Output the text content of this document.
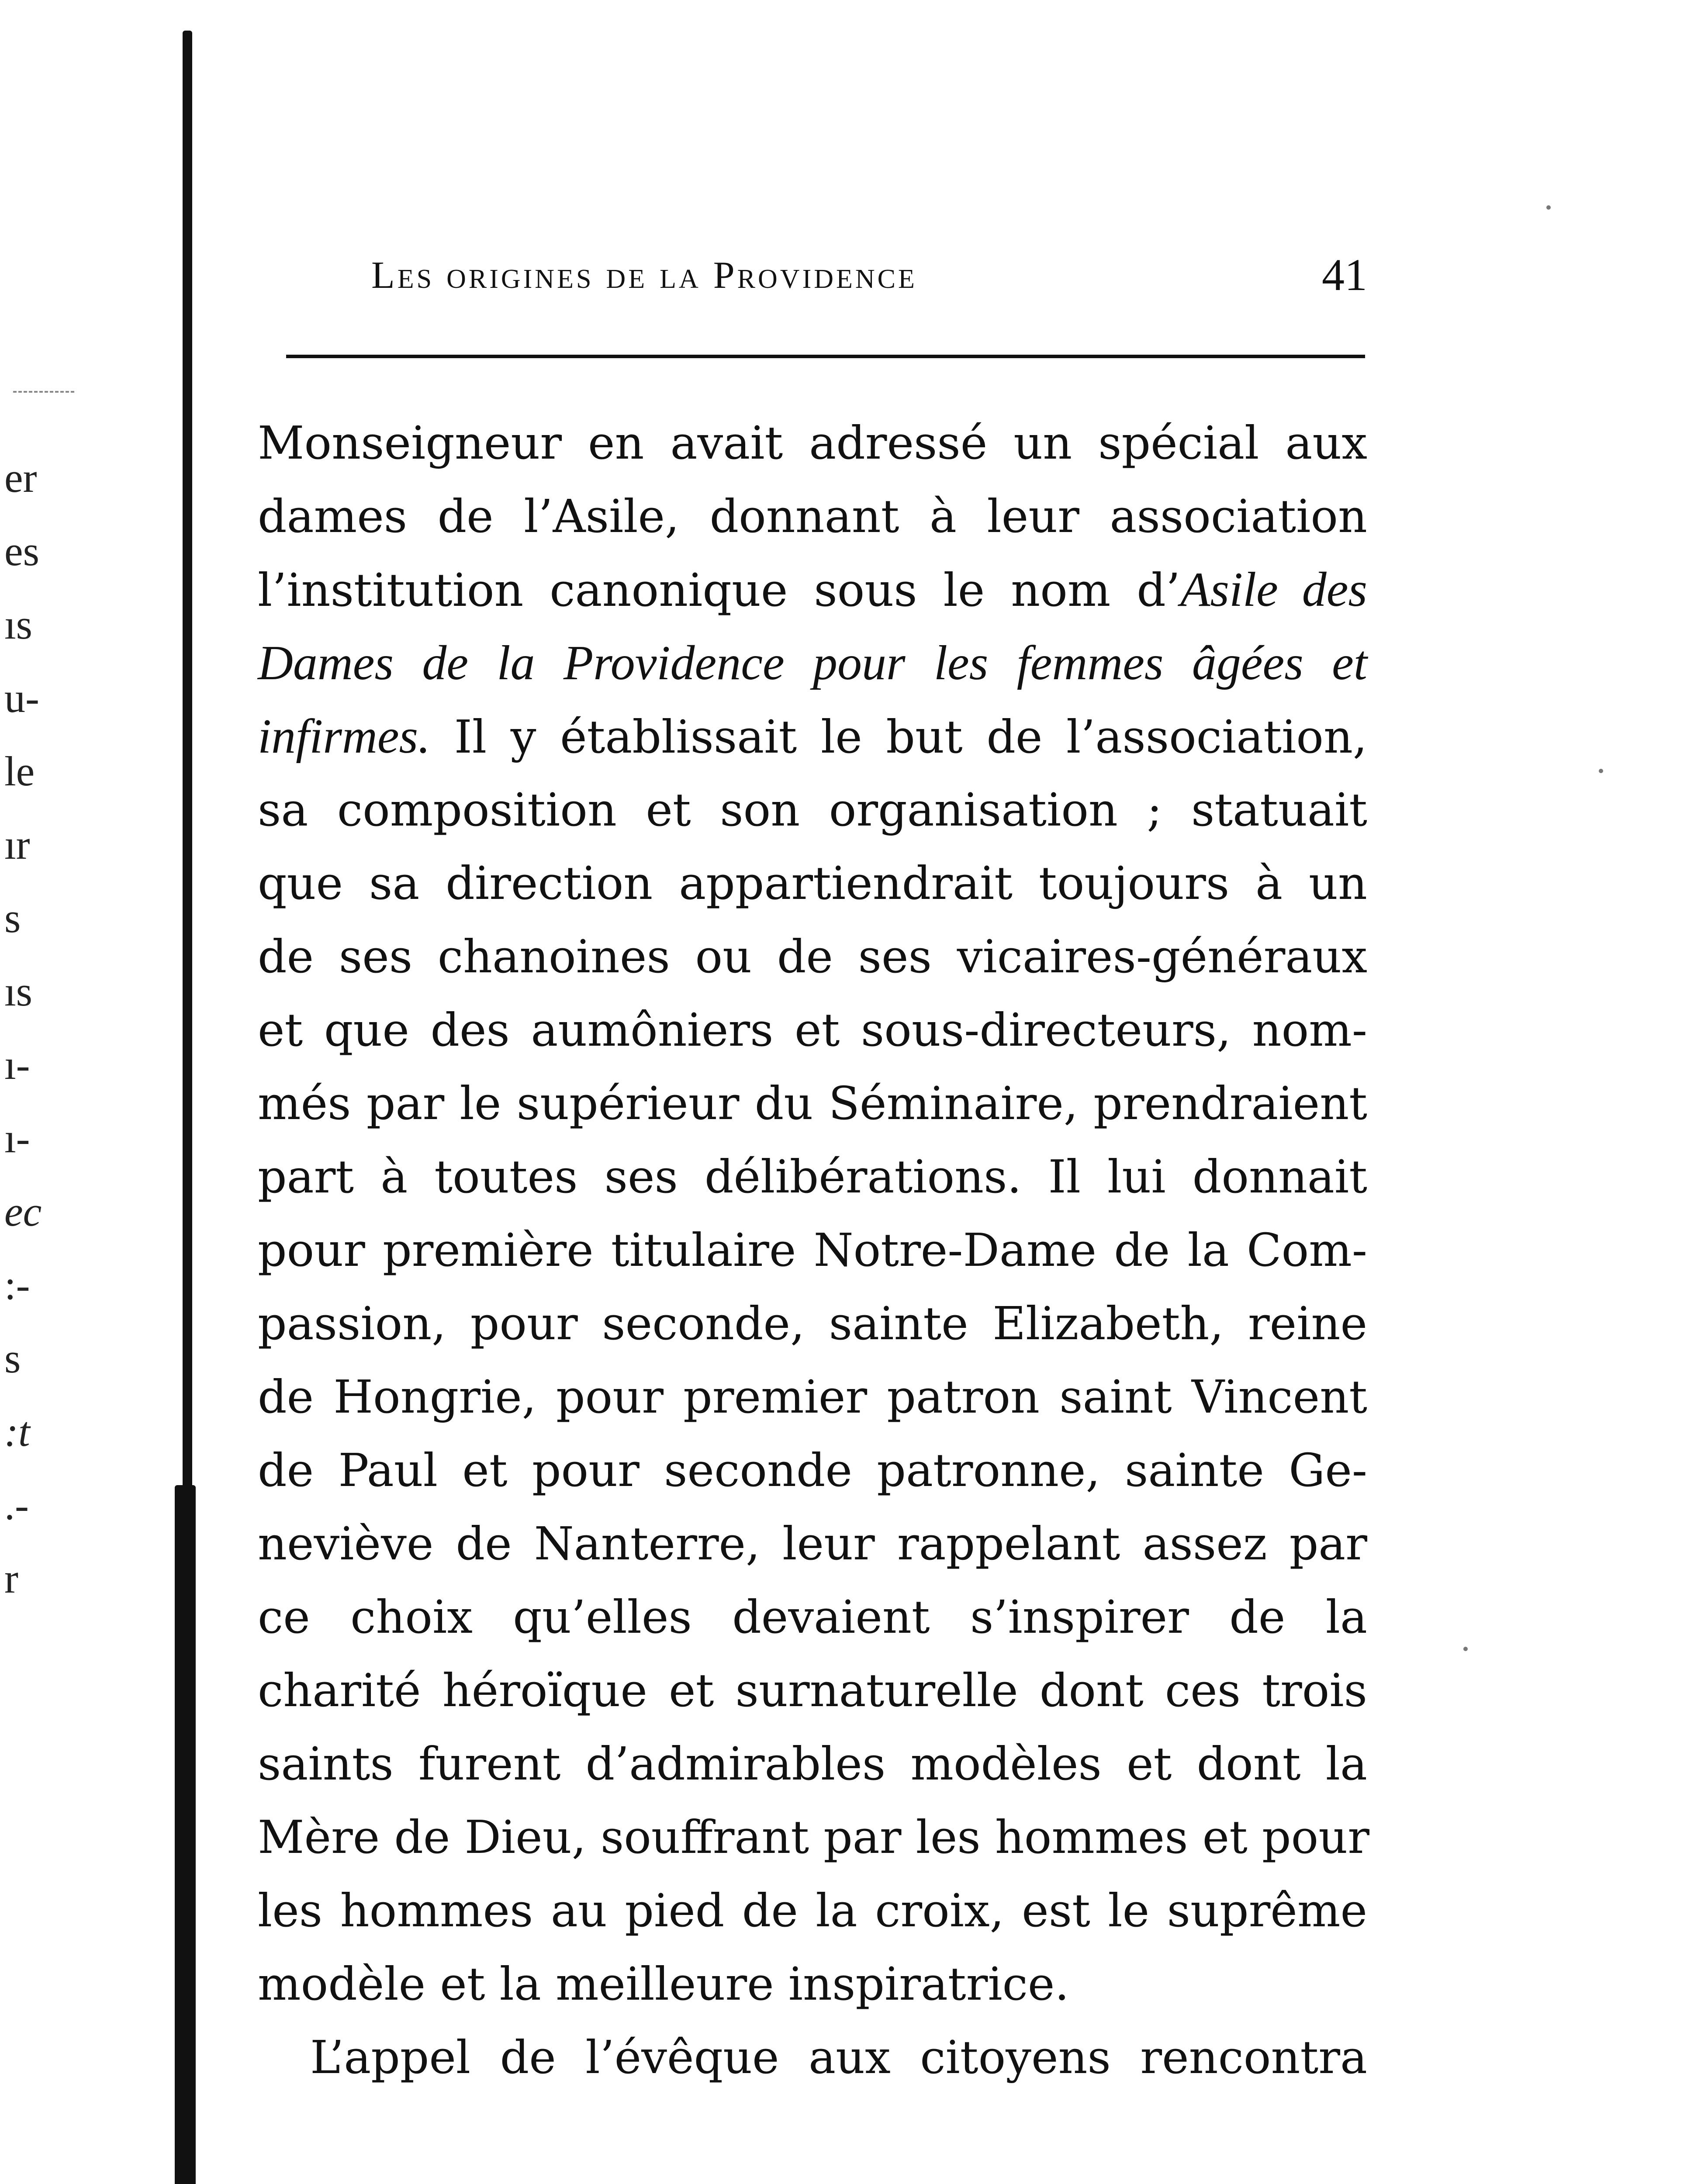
er
es
ıs
u-
le
ır
s
ıs
ı-
ı-
ec
:-
s
:t
.-
r
Les origines de la Providence	41
Monseigneur en avait adressé un spécial aux
dames de l’Asile, donnant à leur association
l’institution canonique sous le nom d’Asile des
Dames de la Providence pour les femmes âgées et
infirmes. Il y établissait le but de l’association,
sa composition et son organisation ; statuait
que sa direction appartiendrait toujours à un
de ses chanoines ou de ses vicaires-généraux
et que des aumôniers et sous-directeurs, nom-
més par le supérieur du Séminaire, prendraient
part à toutes ses délibérations. Il lui donnait
pour première titulaire Notre-Dame de la Com-
passion, pour seconde, sainte Elizabeth, reine
de Hongrie, pour premier patron saint Vincent
de Paul et pour seconde patronne, sainte Ge-
neviève de Nanterre, leur rappelant assez par
ce choix qu’elles devaient s’inspirer de la
charité héroïque et surnaturelle dont ces trois
saints furent d’admirables modèles et dont la
Mère de Dieu, souffrant par les hommes et pour
les hommes au pied de la croix, est le suprême
modèle et la meilleure inspiratrice.
L’appel de l’évêque aux citoyens rencontra
